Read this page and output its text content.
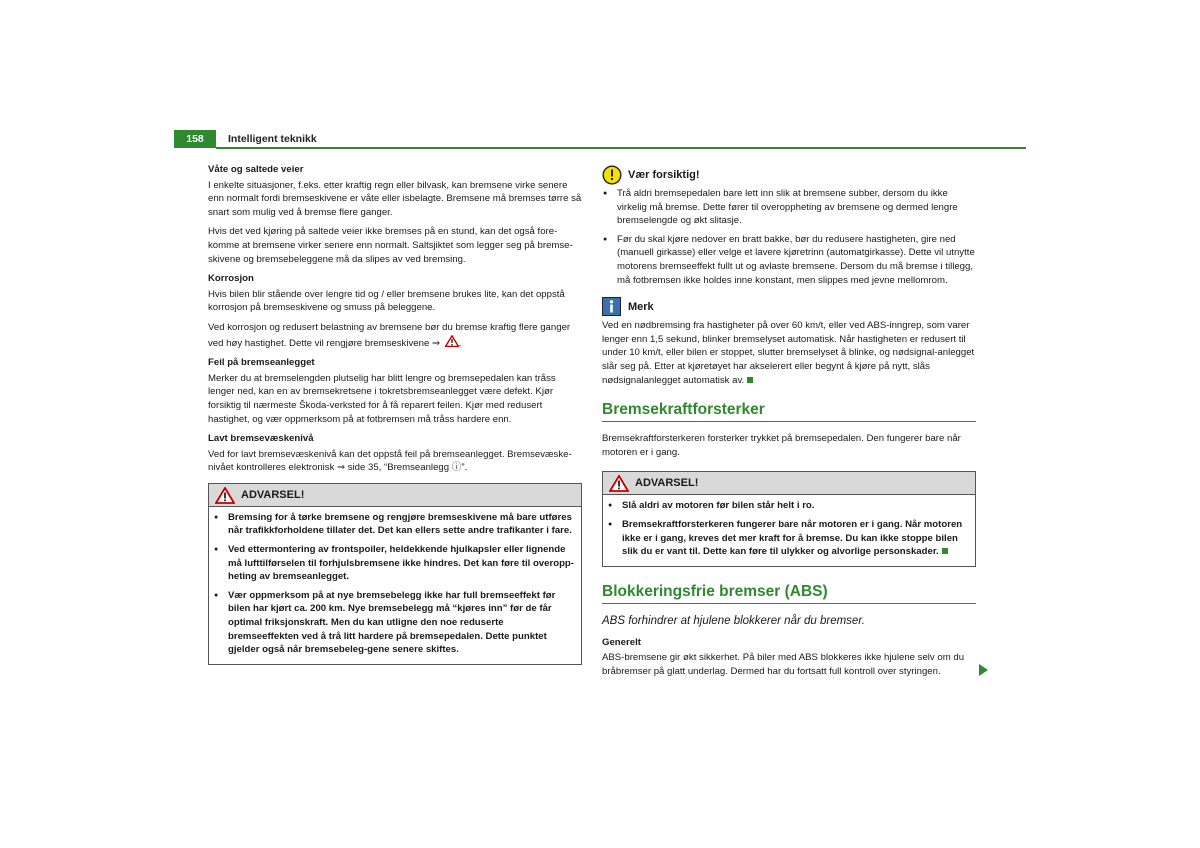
158	Intelligent teknikk
Våte og saltede veier

I enkelte situasjoner, f.eks. etter kraftig regn eller bilvask, kan bremsene virke senere enn normalt fordi bremseskivene er våte eller isbelagte. Bremsene må bremses tørre så snart som mulig ved å bremse flere ganger.

Hvis det ved kjøring på saltede veier ikke bremses på en stund, kan det også fore-komme at bremsene virker senere enn normalt. Saltsjiktet som legger seg på bremse-skivene og bremsebeleggene må da slipes av ved bremsing.

Korrosjon

Hvis bilen blir stående over lengre tid og / eller bremsene brukes lite, kan det oppstå korrosjon på bremseskivene og smuss på beleggene.

Ved korrosjon og redusert belastning av bremsene bør du bremse kraftig flere ganger ved høy hastighet. Dette vil rengjøre bremseskivene ⇒ .

Feil på bremseanlegget

Merker du at bremselengden plutselig har blitt lengre og bremsepedalen kan tråss lenger ned, kan en av bremsekretsene i tokretsbremseanlegget være defekt. Kjør forsiktig til nærmeste Škoda-verksted for å få reparert feilen. Kjør med redusert hastighet, og vær oppmerksom på at fotbremsen må tråss hardere enn.

Lavt bremsevæskenivå

Ved for lavt bremsevæskenivå kan det oppstå feil på bremseanlegget. Bremsevæske-nivået kontrolleres elektronisk ⇒ side 35, “Bremseanlegg ⓘ”.

ADVARSEL!
● Bremsing for å tørke bremsene og rengjøre bremseskivene må bare utføres når trafikkforholdene tillater det. Det kan ellers sette andre trafikanter i fare.
● Ved ettermontering av frontspoiler, heldekkende hjulkapsler eller lignende må lufttilførselen til forhjulsbremsene ikke hindres. Det kan føre til overopp-heting av bremseanlegget.
● Vær oppmerksom på at nye bremsebelegg ikke har full bremseeffekt før bilen har kjørt ca. 200 km. Nye bremsebelegg må “kjøres inn” før de får optimal friksjonskraft. Men du kan utligne den noe reduserte bremseeffekten ved å trå litt hardere på bremsepedalen. Dette punktet gjelder også når bremsebeleg-gene senere skiftes.
Vær forsiktig!
● Trå aldri bremsepedalen bare lett inn slik at bremsene subber, dersom du ikke virkelig må bremse. Dette fører til overoppheting av bremsene og dermed lengre bremselengde og økt slitasje.
● Før du skal kjøre nedover en bratt bakke, bør du redusere hastigheten, gire ned (manuell girkasse) eller velge et lavere kjøretrinn (automatgirkasse). Dette vil utnytte motorens bremseeffekt fullt ut og avlaste bremsene. Dersom du må bremse i tillegg, må fotbremsen ikke holdes inne konstant, men slippes med jevne mellomrom.
Merk

Ved en nødbremsing fra hastigheter på over 60 km/t, eller ved ABS-inngrep, som varer lenger enn 1,5 sekund, blinker bremselyset automatisk. Når hastigheten er redusert til under 10 km/t, eller bilen er stoppet, slutter bremselyset å blinke, og nødsignal-anlegget slår seg på. Etter at kjøretøyet har akselerert eller begynt å kjøre på nytt, slås nødsignalanlegget automatisk av.

Bremsekraftforsterker

Bremsekraftforsterkeren forsterker trykket på bremsepedalen. Den fungerer bare når motoren er i gang.

ADVARSEL!
● Slå aldri av motoren før bilen står helt i ro.
● Bremsekraftforsterkeren fungerer bare når motoren er i gang. Når motoren ikke er i gang, kreves det mer kraft for å bremse. Du kan ikke stoppe bilen slik du er vant til. Dette kan føre til ulykker og alvorlige personskader.
Blokkeringsfrie bremser (ABS)
ABS forhindrer at hjulene blokkerer når du bremser.
Generelt

ABS-bremsene gir økt sikkerhet. På biler med ABS blokkeres ikke hjulene selv om du bråbremser på glatt underlag. Dermed har du fortsatt full kontroll over styringen.
